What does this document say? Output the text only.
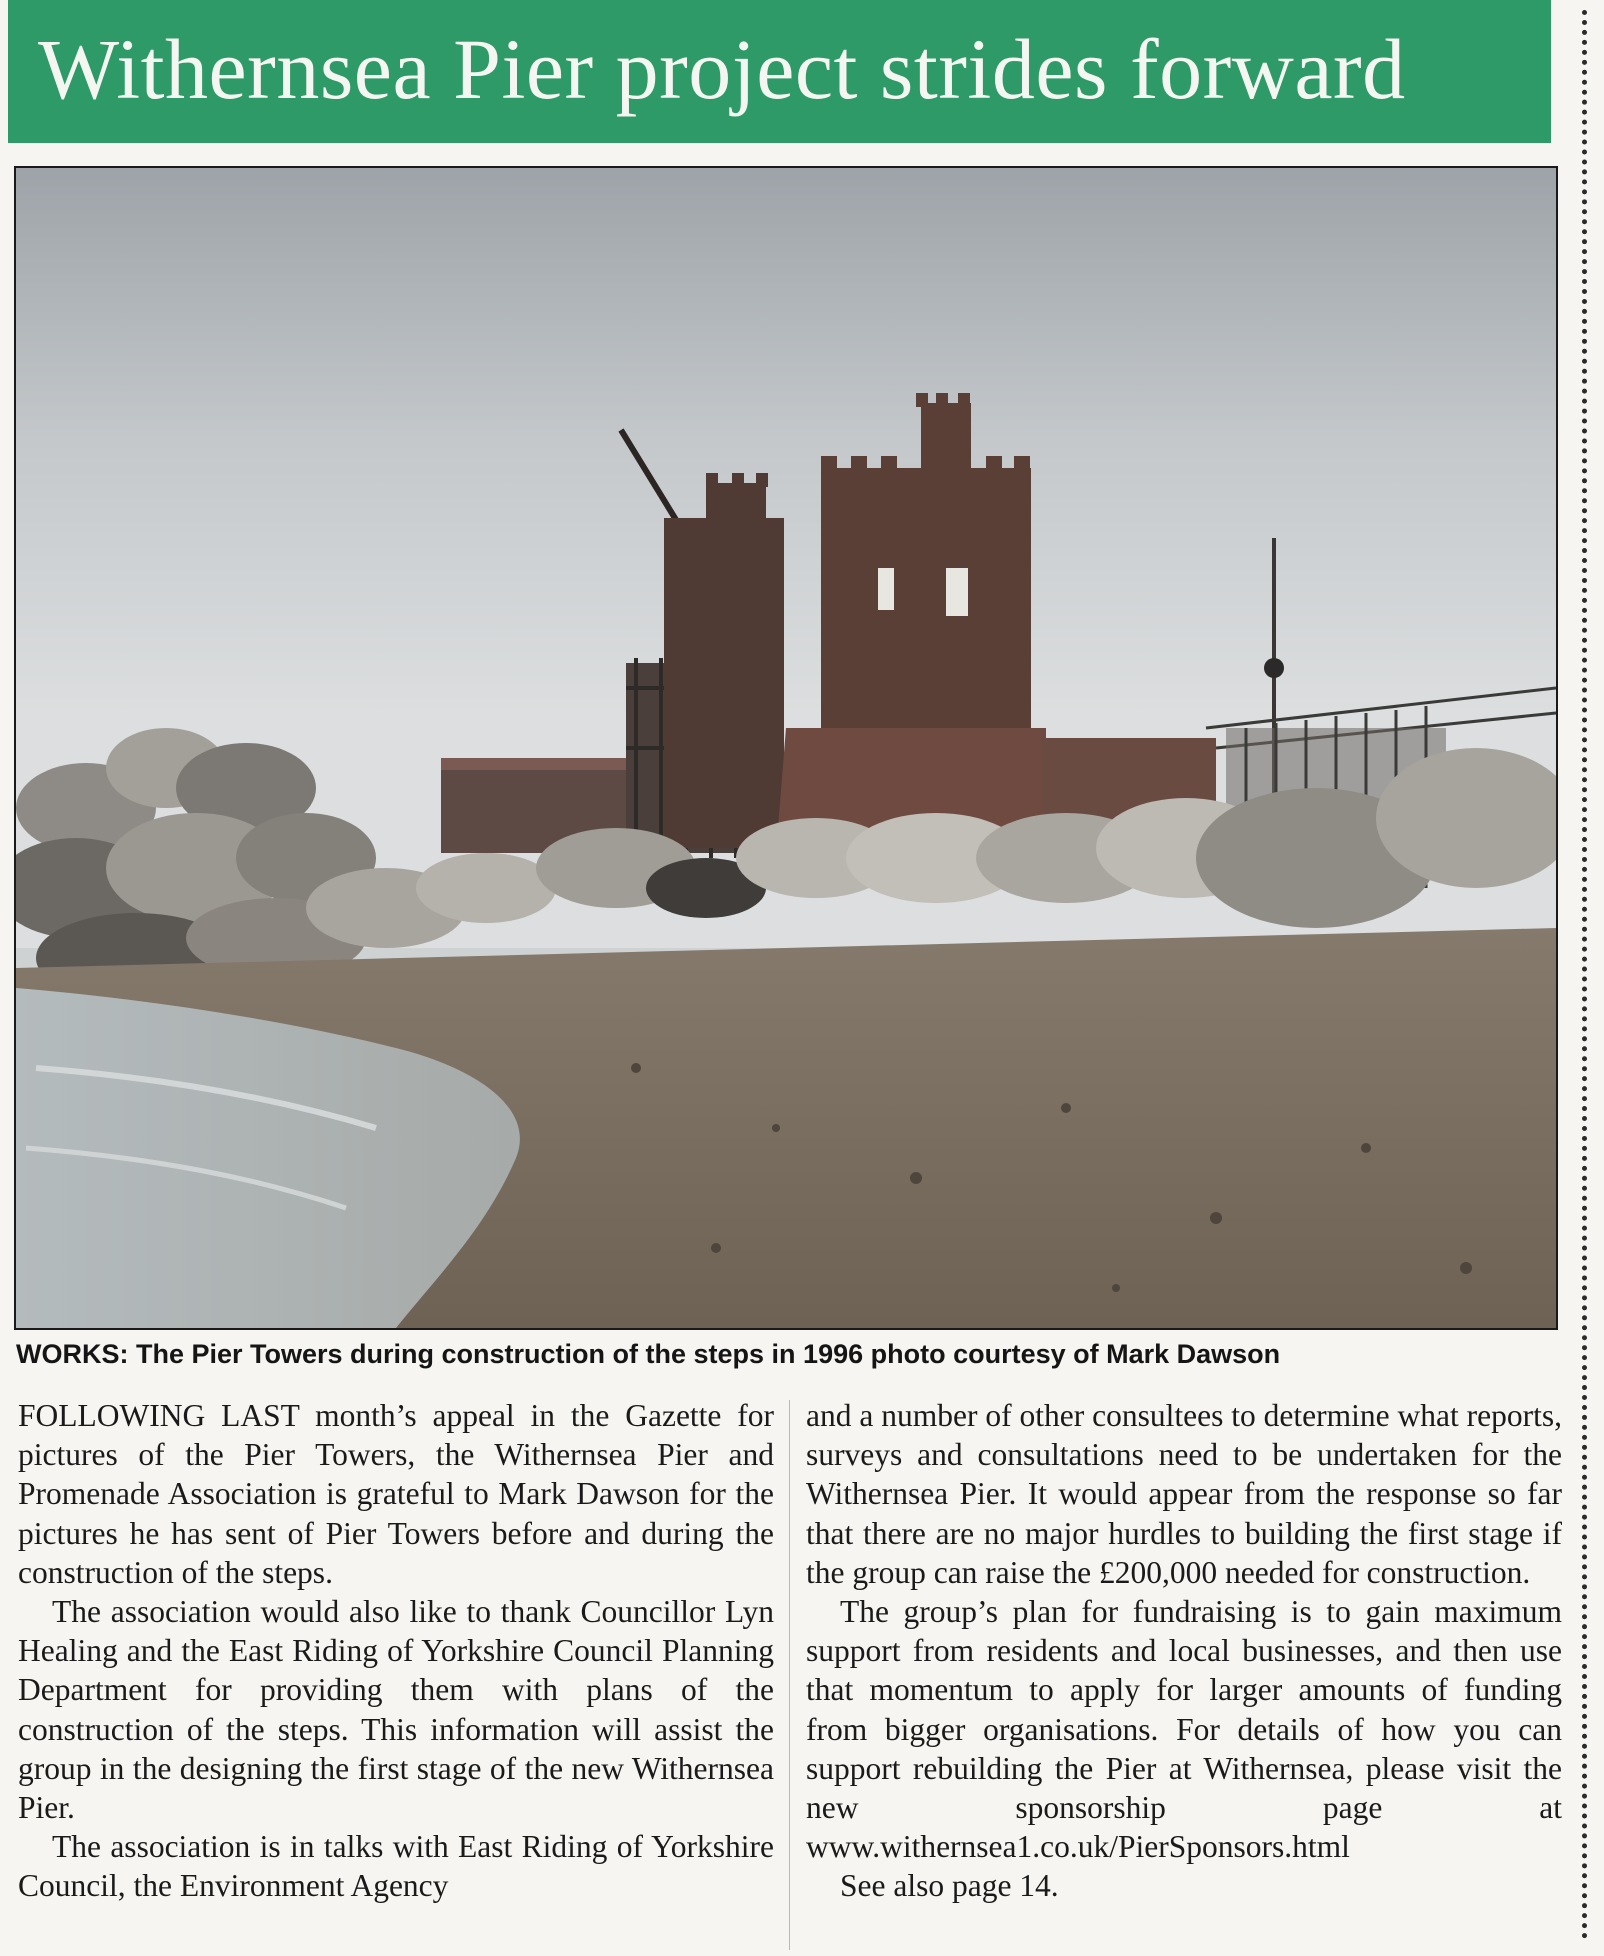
Withernsea Pier project strides forward
WORKS: The Pier Towers during construction of the steps in 1996 photo courtesy of Mark Dawson

FOLLOWING LAST month’s appeal in the Gazette for pictures of the Pier Towers, the Withernsea Pier and Promenade Association is grateful to Mark Dawson for the pictures he has sent of Pier Towers before and during the construction of the steps.

The association would also like to thank Councillor Lyn Healing and the East Riding of Yorkshire Council Planning Department for providing them with plans of the construction of the steps. This information will assist the group in the designing the first stage of the new Withernsea Pier.

The association is in talks with East Riding of Yorkshire Council, the Environment Agency

and a number of other consultees to determine what reports, surveys and consultations need to be undertaken for the Withernsea Pier. It would appear from the response so far that there are no major hurdles to building the first stage if the group can raise the £200,000 needed for construction.

The group’s plan for fundraising is to gain maximum support from residents and local businesses, and then use that momentum to apply for larger amounts of funding from bigger organisations. For details of how you can support rebuilding the Pier at Withernsea, please visit the new sponsorship page at www.withernsea1.co.uk/PierSponsors.html

See also page 14.
